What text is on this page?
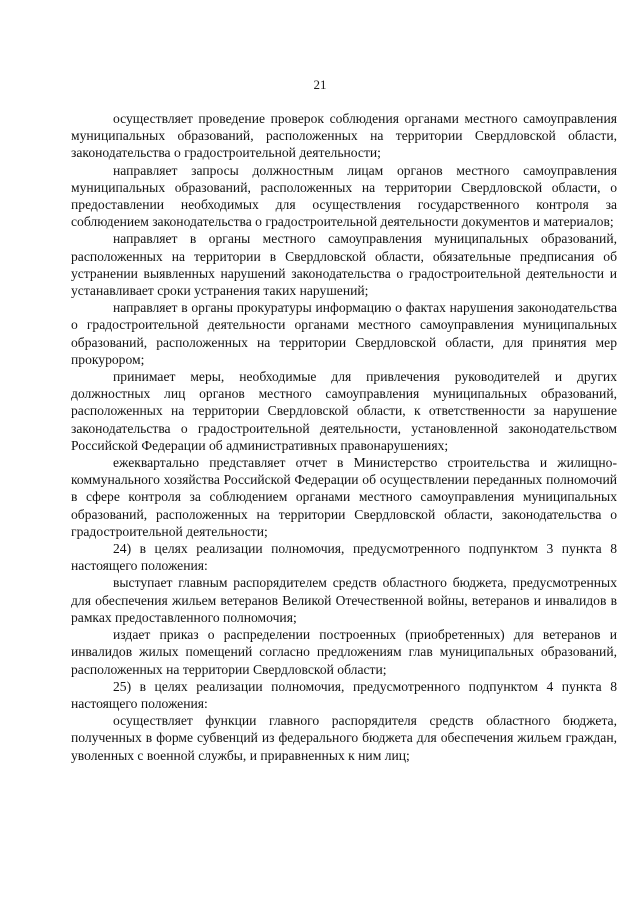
21

осуществляет проведение проверок соблюдения органами местного самоуправления муниципальных образований, расположенных на территории Свердловской области, законодательства о градостроительной деятельности;

направляет запросы должностным лицам органов местного самоуправления муниципальных образований, расположенных на территории Свердловской области, о предоставлении необходимых для осуществления государственного контроля за соблюдением законодательства о градостроительной деятельности документов и материалов;

направляет в органы местного самоуправления муниципальных образований, расположенных на территории в Свердловской области, обязательные предписания об устранении выявленных нарушений законодательства о градостроительной деятельности и устанавливает сроки устранения таких нарушений;

направляет в органы прокуратуры информацию о фактах нарушения законодательства о градостроительной деятельности органами местного самоуправления муниципальных образований, расположенных на территории Свердловской области, для принятия мер прокурором;

принимает меры, необходимые для привлечения руководителей и других должностных лиц органов местного самоуправления муниципальных образований, расположенных на территории Свердловской области, к ответственности за нарушение законодательства о градостроительной деятельности, установленной законодательством Российской Федерации об административных правонарушениях;

ежеквартально представляет отчет в Министерство строительства и жилищно-коммунального хозяйства Российской Федерации об осуществлении переданных полномочий в сфере контроля за соблюдением органами местного самоуправления муниципальных образований, расположенных на территории Свердловской области, законодательства о градостроительной деятельности;

24) в целях реализации полномочия, предусмотренного подпунктом 3 пункта 8 настоящего положения:

выступает главным распорядителем средств областного бюджета, предусмотренных для обеспечения жильем ветеранов Великой Отечественной войны, ветеранов и инвалидов в рамках предоставленного полномочия;

издает приказ о распределении построенных (приобретенных) для ветеранов и инвалидов жилых помещений согласно предложениям глав муниципальных образований, расположенных на территории Свердловской области;

25) в целях реализации полномочия, предусмотренного подпунктом 4 пункта 8 настоящего положения:

осуществляет функции главного распорядителя средств областного бюджета, полученных в форме субвенций из федерального бюджета для обеспечения жильем граждан, уволенных с военной службы, и приравненных к ним лиц;
